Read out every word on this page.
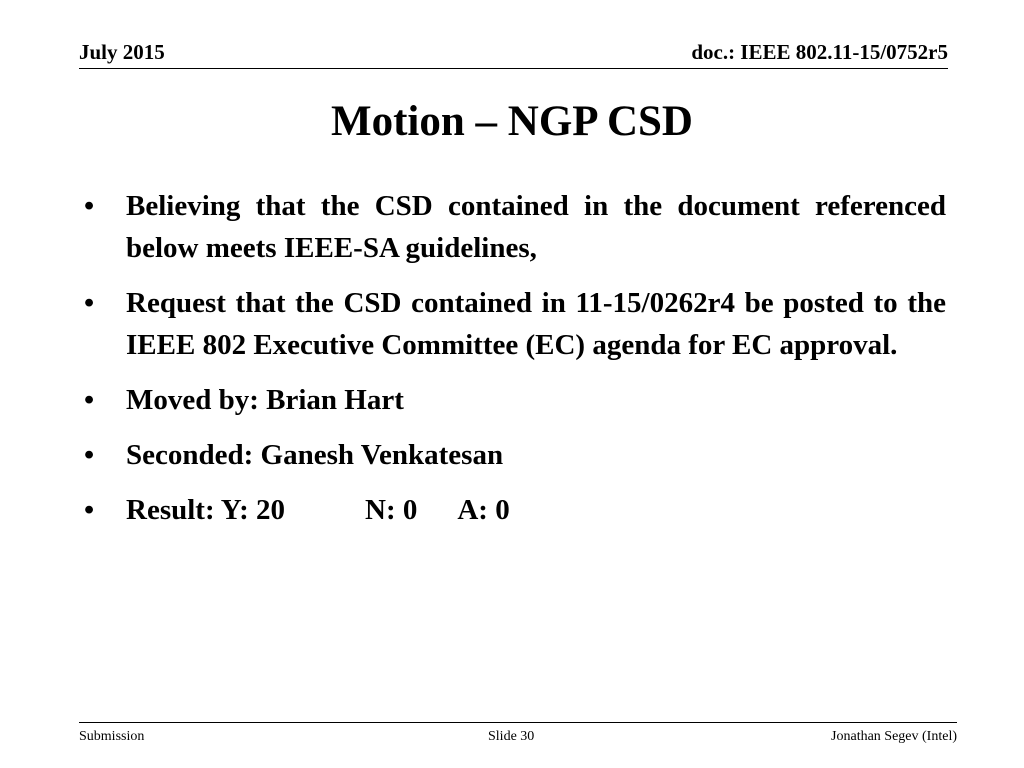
July 2015	doc.: IEEE 802.11-15/0752r5
Motion – NGP CSD
•	Believing that the CSD contained in the document referenced below meets IEEE-SA guidelines,
•	Request that the CSD contained in 11-15/0262r4 be posted to the IEEE 802 Executive Committee (EC) agenda for EC approval.
•	Moved by: Brian Hart
•	Seconded: Ganesh Venkatesan
•	Result: Y: 20	N: 0 A: 0
Submission	Slide 30	Jonathan Segev (Intel)
